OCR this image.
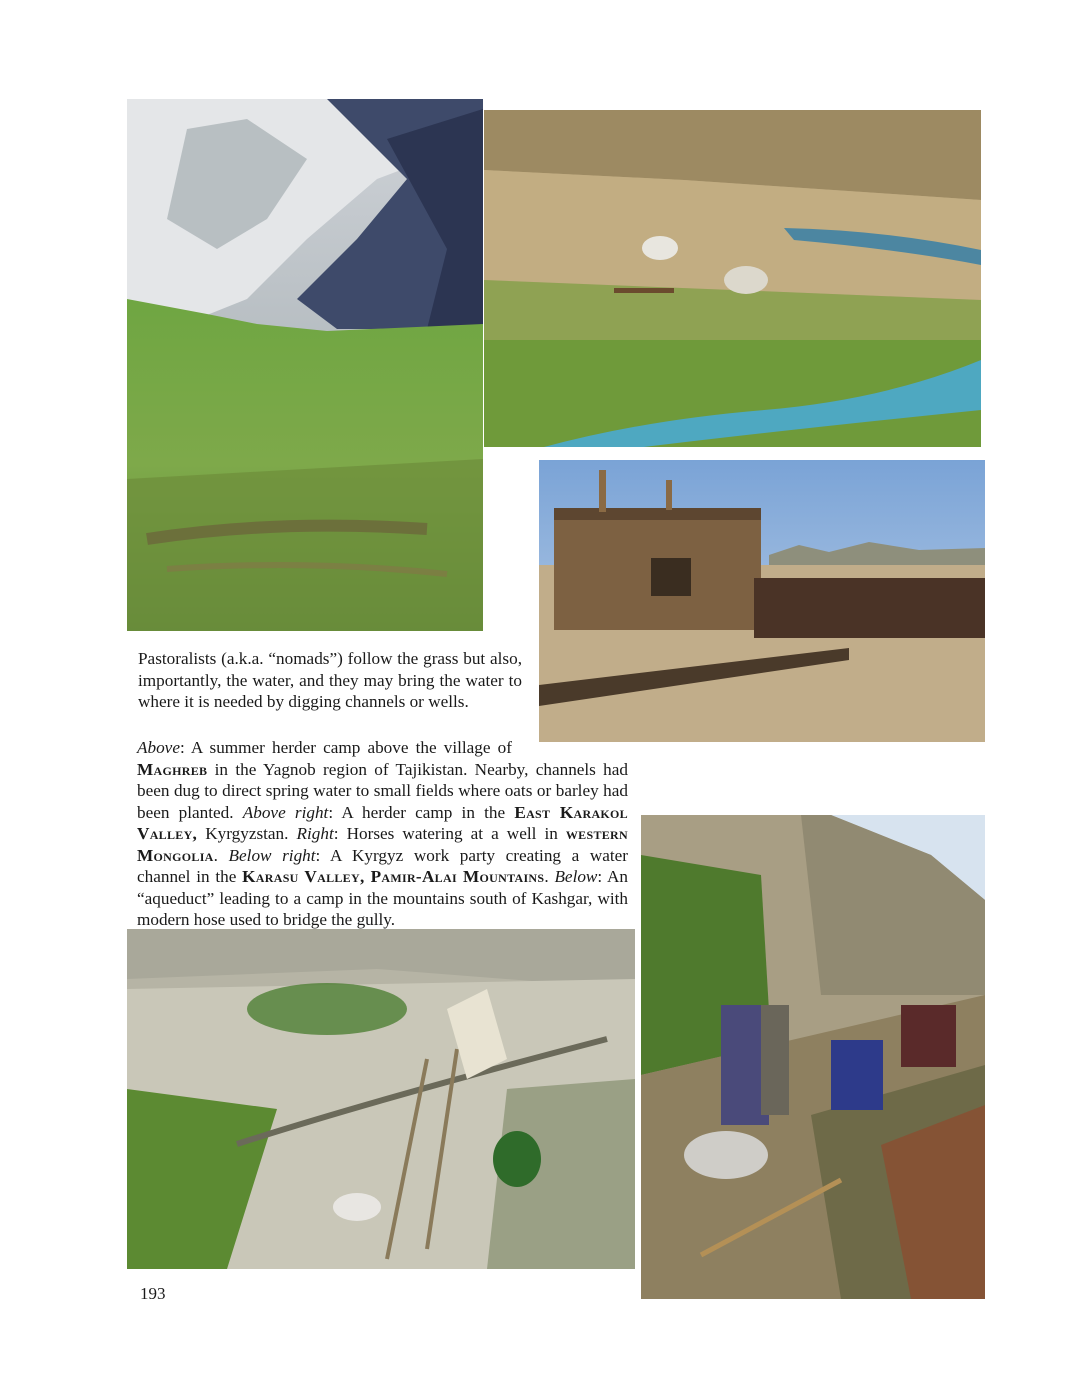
Pastoralists (a.k.a. “nomads”) follow the grass but also, importantly, the water, and they may bring the water to where it is needed by digging channels or wells.

Above: A summer herder camp above the village of Maghreb in the Yagnob region of Tajikistan. Nearby, channels had been dug to direct spring water to small fields where oats or barley had been planted. Above right: A herder camp in the East Karakol Valley, Kyrgyzstan. Right: Horses watering at a well in western Mongolia. Below right: A Kyrgyz work party creating a water channel in the Karasu Valley, Pamir-Alai Mountains. Below: An “aqueduct” leading to a camp in the mountains south of Kashgar, with modern hose used to bridge the gully.
193
